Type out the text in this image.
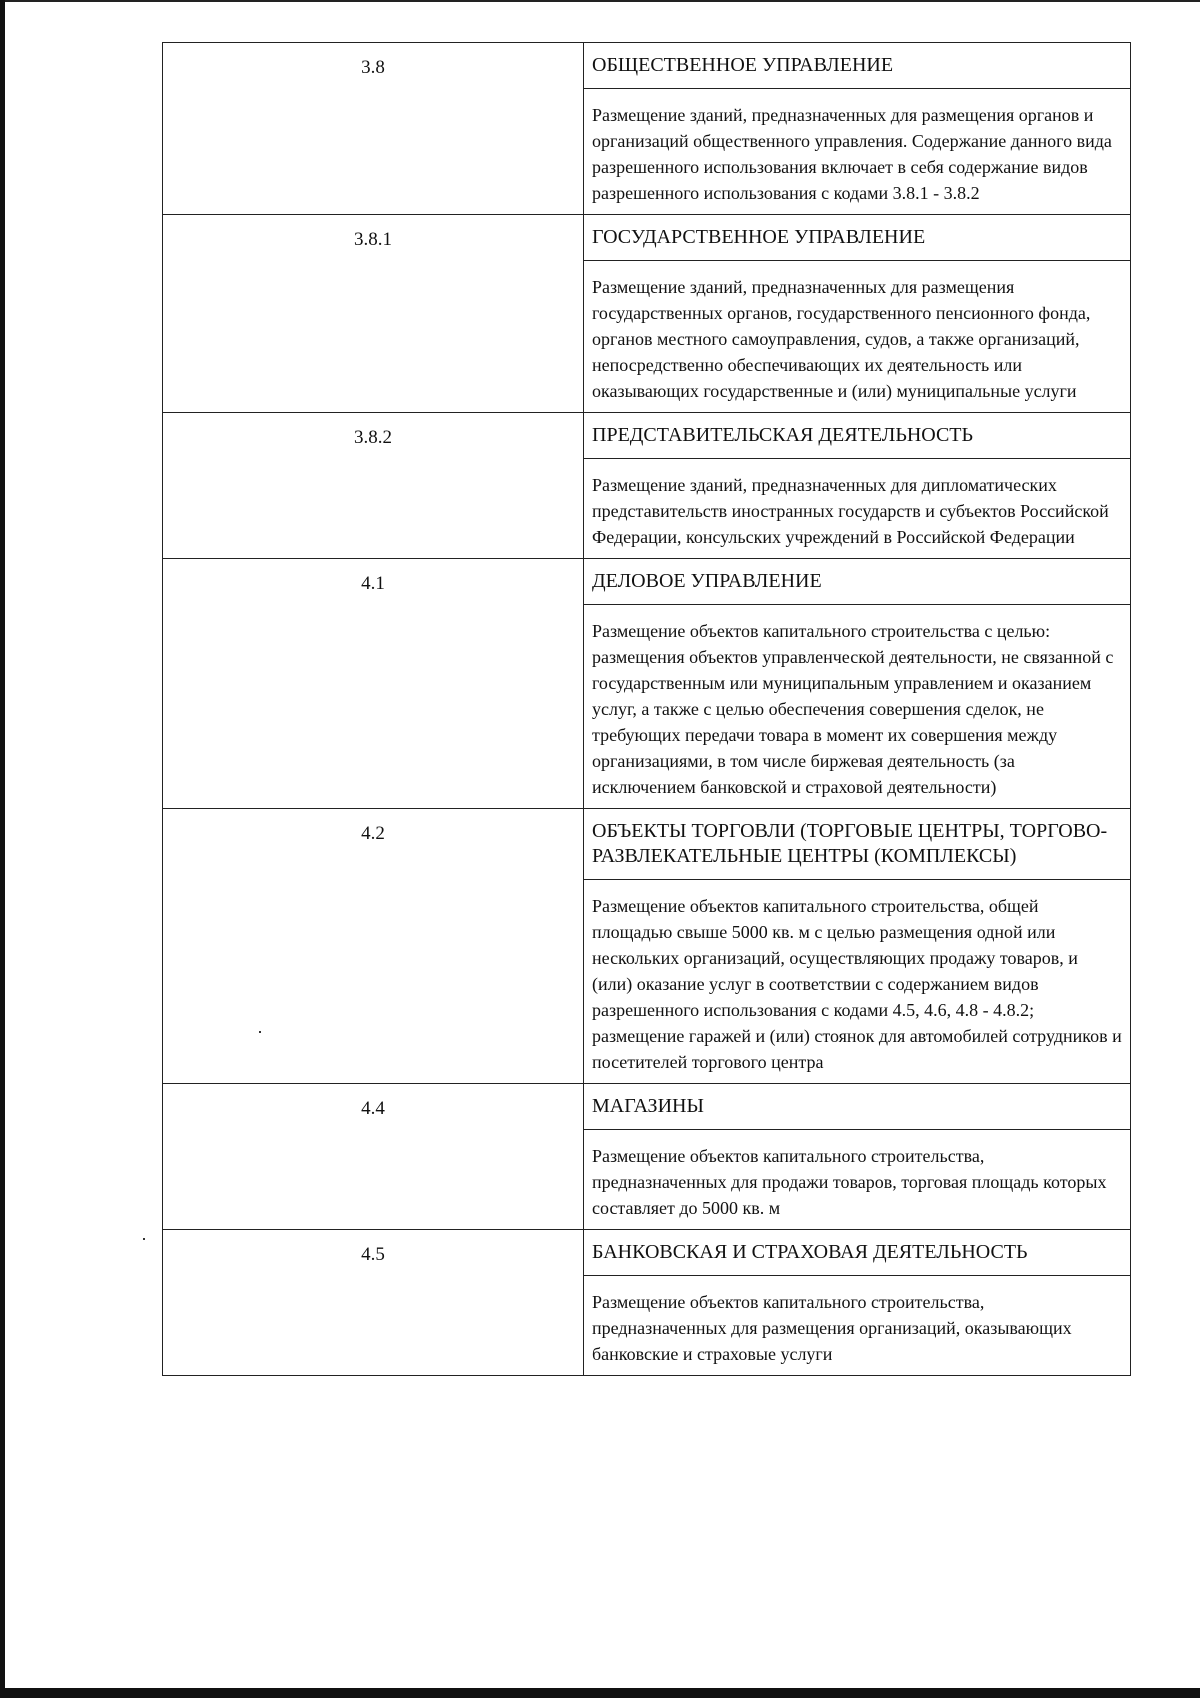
3.8	ОБЩЕСТВЕННОЕ УПРАВЛЕНИЕ
Размещение зданий, предназначенных для размещения органов и организаций общественного управления. Содержание данного вида разрешенного использования включает в себя содержание видов разрешенного использования с кодами 3.8.1 - 3.8.2

3.8.1	ГОСУДАРСТВЕННОЕ УПРАВЛЕНИЕ
Размещение зданий, предназначенных для размещения государственных органов, государственного пенсионного фонда, органов местного самоуправления, судов, а также организаций, непосредственно обеспечивающих их деятельность или оказывающих государственные и (или) муниципальные услуги

3.8.2	ПРЕДСТАВИТЕЛЬСКАЯ ДЕЯТЕЛЬНОСТЬ
Размещение зданий, предназначенных для дипломатических представительств иностранных государств и субъектов Российской Федерации, консульских учреждений в Российской Федерации

4.1	ДЕЛОВОЕ УПРАВЛЕНИЕ
Размещение объектов капитального строительства с целью: размещения объектов управленческой деятельности, не связанной с государственным или муниципальным управлением и оказанием услуг, а также с целью обеспечения совершения сделок, не требующих передачи товара в момент их совершения между организациями, в том числе биржевая деятельность (за исключением банковской и страховой деятельности)

4.2	ОБЪЕКТЫ ТОРГОВЛИ (ТОРГОВЫЕ ЦЕНТРЫ, ТОРГОВО-РАЗВЛЕКАТЕЛЬНЫЕ ЦЕНТРЫ (КОМПЛЕКСЫ)
Размещение объектов капитального строительства, общей площадью свыше 5000 кв. м с целью размещения одной или нескольких организаций, осуществляющих продажу товаров, и (или) оказание услуг в соответствии с содержанием видов разрешенного использования с кодами 4.5, 4.6, 4.8 - 4.8.2; размещение гаражей и (или) стоянок для автомобилей сотрудников и посетителей торгового центра

4.4	МАГАЗИНЫ
Размещение объектов капитального строительства, предназначенных для продажи товаров, торговая площадь которых составляет до 5000 кв. м

4.5	БАНКОВСКАЯ И СТРАХОВАЯ ДЕЯТЕЛЬНОСТЬ
Размещение объектов капитального строительства, предназначенных для размещения организаций, оказывающих банковские и страховые услуги
